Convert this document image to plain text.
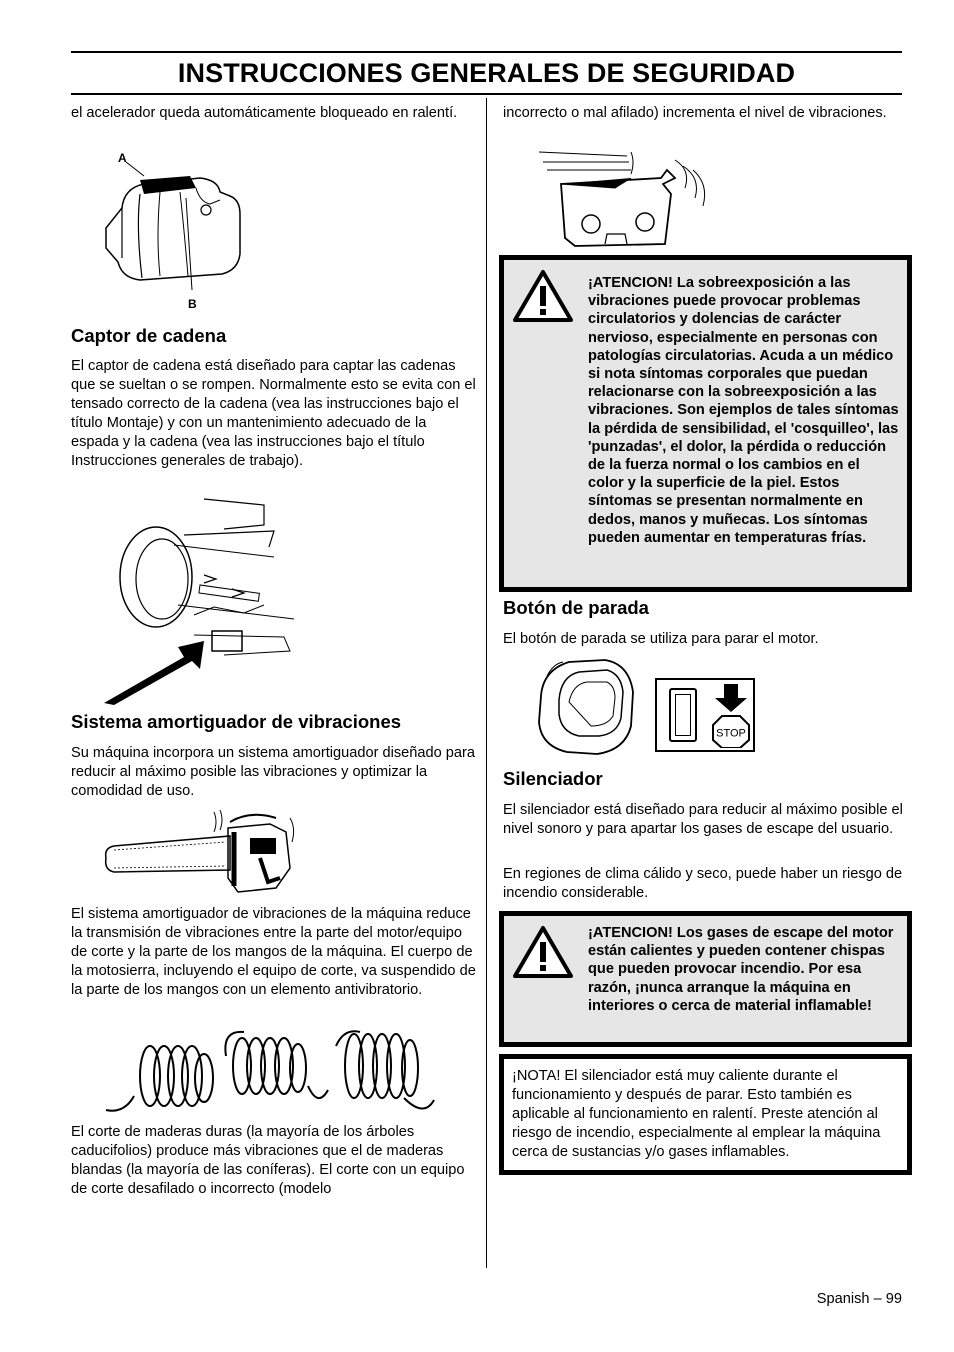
INSTRUCCIONES GENERALES DE SEGURIDAD
el acelerador queda automáticamente bloqueado en ralentí.
A
B
Captor de cadena
El captor de cadena está diseñado para captar las cadenas que se sueltan o se rompen. Normalmente esto se evita con el tensado correcto de la cadena (vea las instrucciones bajo el título Montaje) y con un mantenimiento adecuado de la espada y la cadena (vea las instrucciones bajo el título Instrucciones generales de trabajo).
Sistema amortiguador de vibraciones
Su máquina incorpora un sistema amortiguador diseñado para reducir al máximo posible las vibraciones y optimizar la comodidad de uso.
El sistema amortiguador de vibraciones de la máquina reduce la transmisión de vibraciones entre la parte del motor/equipo de corte y la parte de los mangos de la máquina. El cuerpo de la motosierra, incluyendo el equipo de corte, va suspendido de la parte de los mangos con un elemento antivibratorio.
El corte de maderas duras (la mayoría de los árboles caducifolios) produce más vibraciones que el de maderas blandas (la mayoría de las coníferas). El corte con un equipo de corte desafilado o incorrecto (modelo
incorrecto o mal afilado) incrementa el nivel de vibraciones.
¡ATENCION! La sobreexposición a las vibraciones puede provocar problemas circulatorios y dolencias de carácter nervioso, especialmente en personas con patologías circulatorias. Acuda a un médico si nota síntomas corporales que puedan relacionarse con la sobreexposición a las vibraciones. Son ejemplos de tales síntomas la pérdida de sensibilidad, el 'cosquilleo', las 'punzadas', el dolor, la pérdida o reducción de la fuerza normal o los cambios en el color y la superficie de la piel. Estos síntomas se presentan normalmente en dedos, manos y muñecas. Los síntomas pueden aumentar en temperaturas frías.
Botón de parada
El botón de parada se utiliza para parar el motor.
STOP
Silenciador
El silenciador está diseñado para reducir al máximo posible el nivel sonoro y para apartar los gases de escape del usuario.
En regiones de clima cálido y seco, puede haber un riesgo de incendio considerable.
¡ATENCION! Los gases de escape del motor están calientes y pueden contener chispas que pueden provocar incendio. Por esa razón, ¡nunca arranque la máquina en interiores o cerca de material inflamable!
¡NOTA! El silenciador está muy caliente durante el funcionamiento y después de parar. Esto también es aplicable al funcionamiento en ralentí. Preste atención al riesgo de incendio, especialmente al emplear la máquina cerca de sustancias y/o gases inflamables.
Spanish – 99
